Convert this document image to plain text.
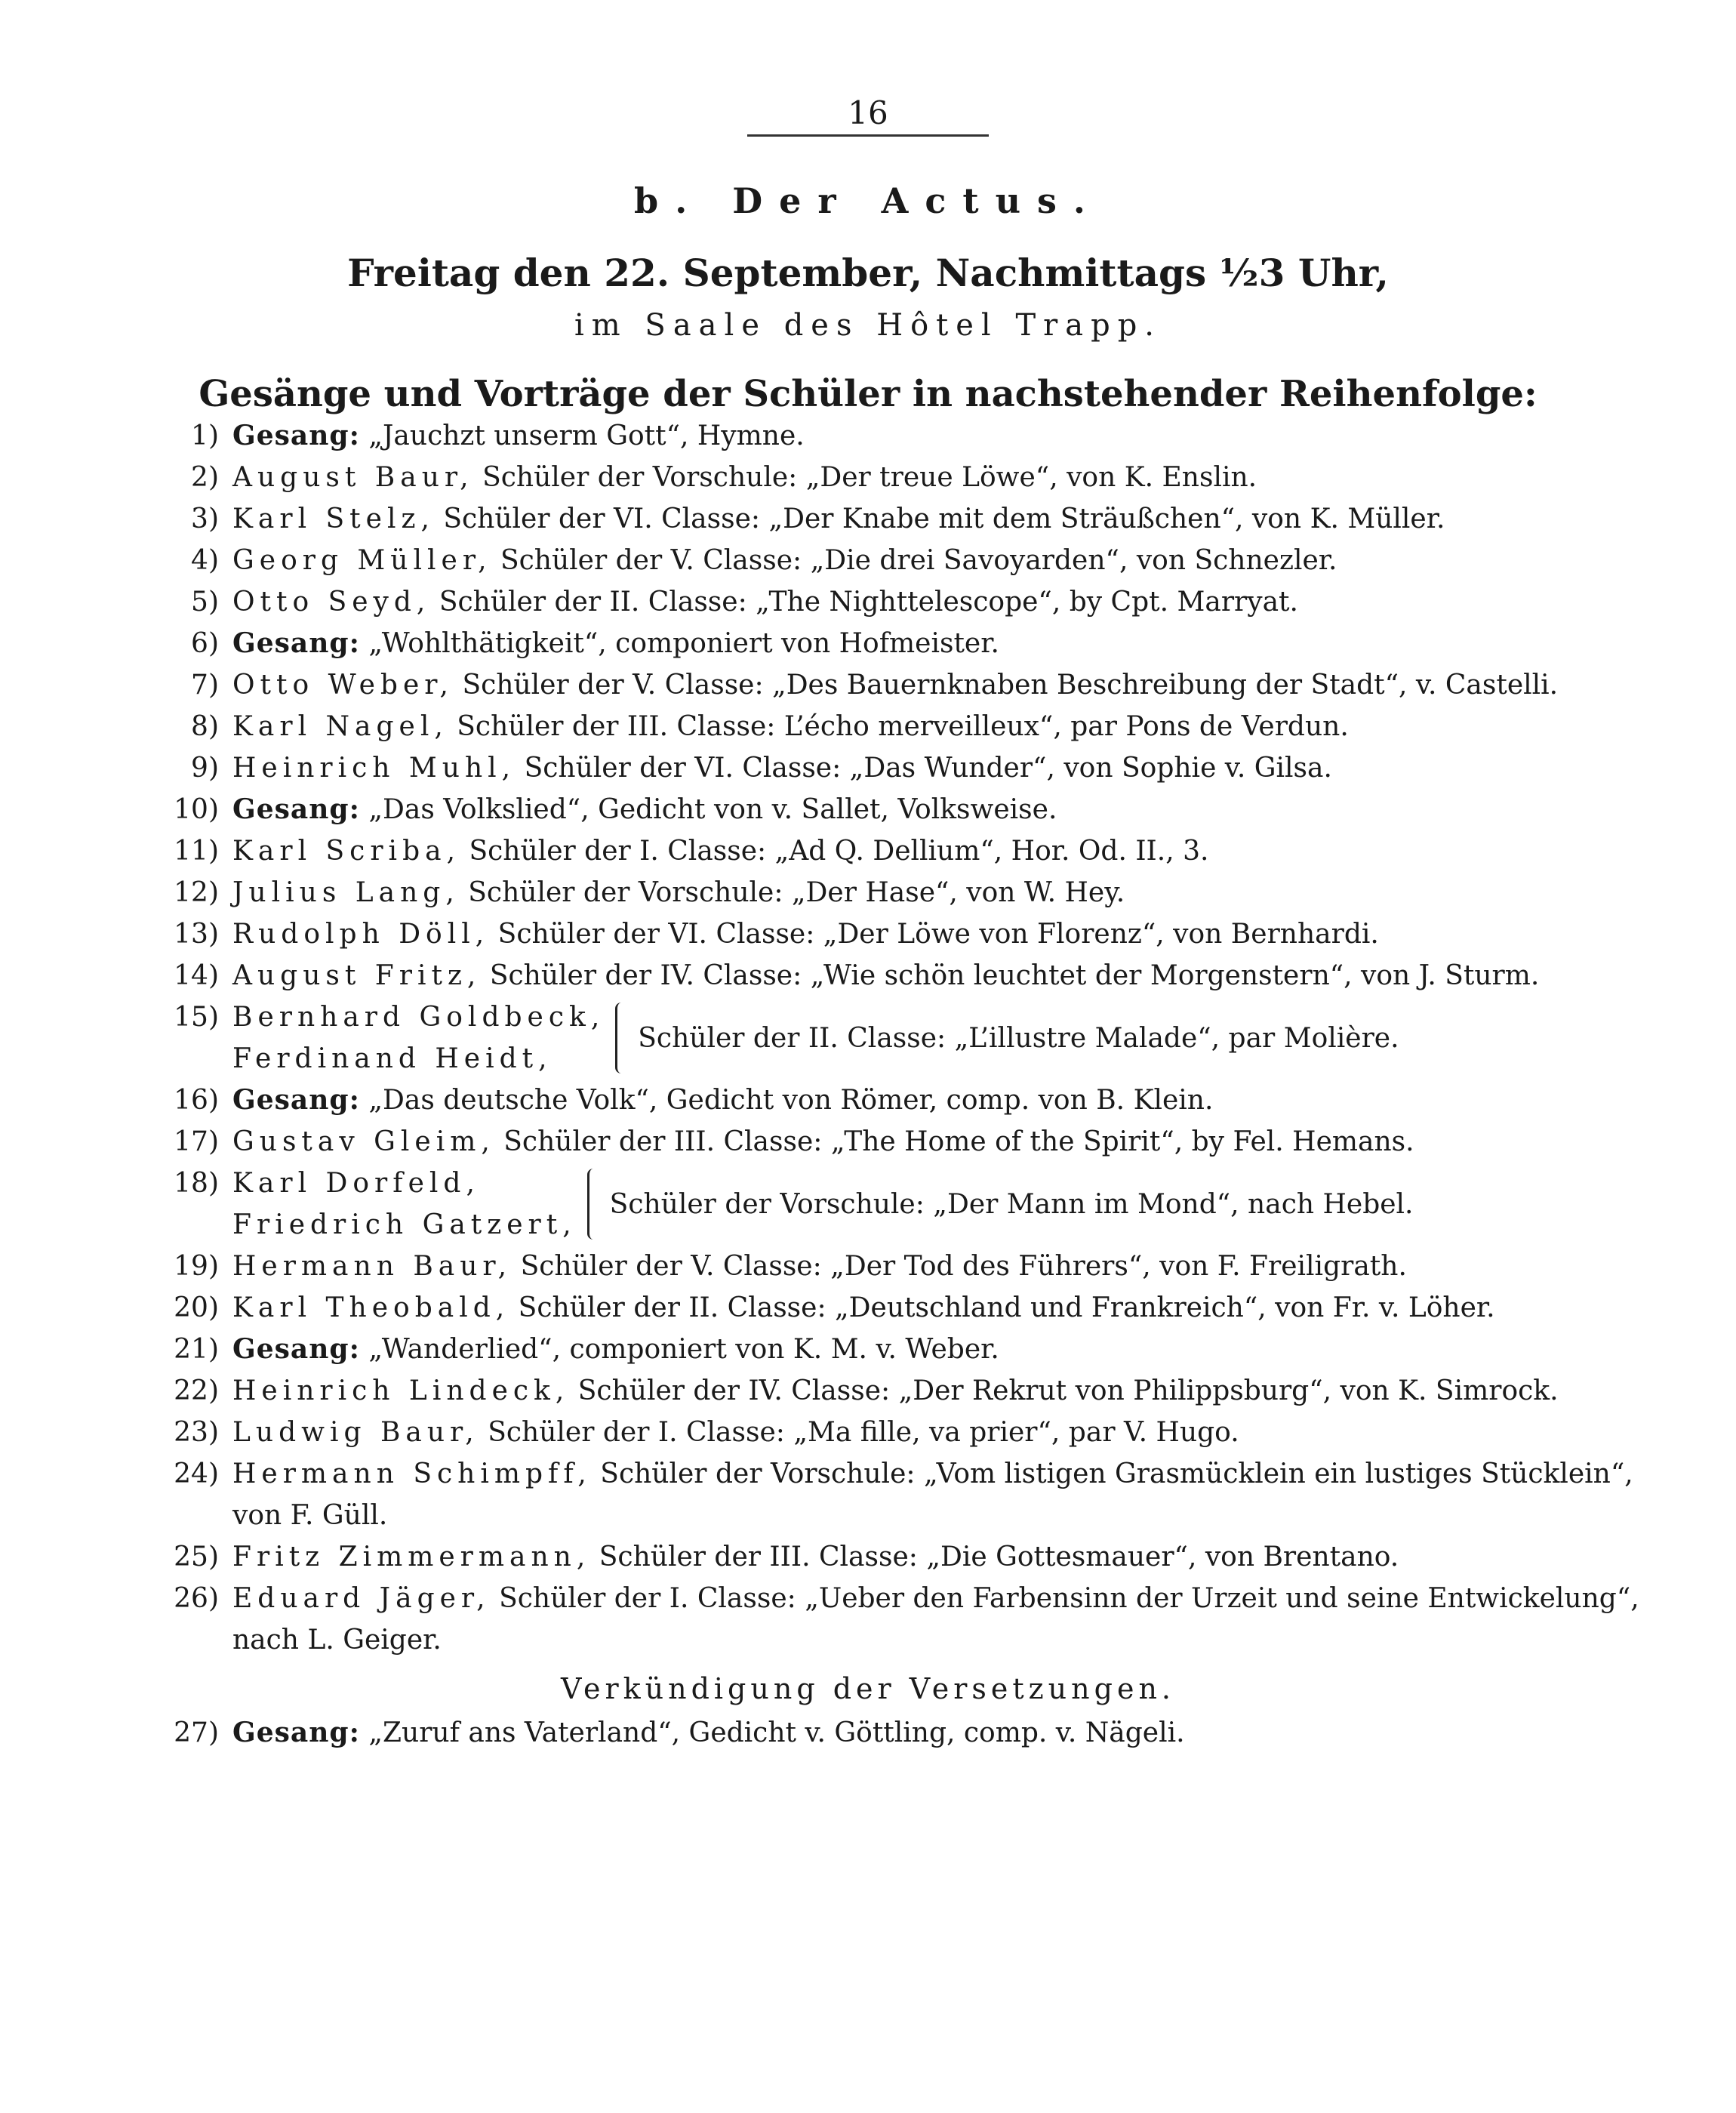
16
b. Der Actus.
Freitag den 22. September, Nachmittags ½3 Uhr,
im Saale des Hôtel Trapp.
Gesänge und Vorträge der Schüler in nachstehender Reihenfolge:
1) Gesang: „Jauchzt unserm Gott“, Hymne.
2) August Baur, Schüler der Vorschule: „Der treue Löwe“, von K. Enslin.
3) Karl Stelz, Schüler der VI. Classe: „Der Knabe mit dem Sträußchen“, von K. Müller.
4) Georg Müller, Schüler der V. Classe: „Die drei Savoyarden“, von Schnezler.
5) Otto Seyd, Schüler der II. Classe: „The Nighttelescope“, by Cpt. Marryat.
6) Gesang: „Wohlthätigkeit“, componiert von Hofmeister.
7) Otto Weber, Schüler der V. Classe: „Des Bauernknaben Beschreibung der Stadt“, v. Castelli.
8) Karl Nagel, Schüler der III. Classe: L’écho merveilleux“, par Pons de Verdun.
9) Heinrich Muhl, Schüler der VI. Classe: „Das Wunder“, von Sophie v. Gilsa.
10) Gesang: „Das Volkslied“, Gedicht von v. Sallet, Volksweise.
11) Karl Scriba, Schüler der I. Classe: „Ad Q. Dellium“, Hor. Od. II., 3.
12) Julius Lang, Schüler der Vorschule: „Der Hase“, von W. Hey.
13) Rudolph Döll, Schüler der VI. Classe: „Der Löwe von Florenz“, von Bernhardi.
14) August Fritz, Schüler der IV. Classe: „Wie schön leuchtet der Morgenstern“, von J. Sturm.
15) Bernhard Goldbeck,
Ferdinand Heidt,
Schüler der II. Classe: „L’illustre Malade“, par Molière.
16) Gesang: „Das deutsche Volk“, Gedicht von Römer, comp. von B. Klein.
17) Gustav Gleim, Schüler der III. Classe: „The Home of the Spirit“, by Fel. Hemans.
18) Karl Dorfeld,
Friedrich Gatzert,
Schüler der Vorschule: „Der Mann im Mond“, nach Hebel.
19) Hermann Baur, Schüler der V. Classe: „Der Tod des Führers“, von F. Freiligrath.
20) Karl Theobald, Schüler der II. Classe: „Deutschland und Frankreich“, von Fr. v. Löher.
21) Gesang: „Wanderlied“, componiert von K. M. v. Weber.
22) Heinrich Lindeck, Schüler der IV. Classe: „Der Rekrut von Philippsburg“, von K. Simrock.
23) Ludwig Baur, Schüler der I. Classe: „Ma fille, va prier“, par V. Hugo.
24) Hermann Schimpff, Schüler der Vorschule: „Vom listigen Grasmücklein ein lustiges Stücklein“,
von F. Güll.
25) Fritz Zimmermann, Schüler der III. Classe: „Die Gottesmauer“, von Brentano.
26) Eduard Jäger, Schüler der I. Classe: „Ueber den Farbensinn der Urzeit und seine Entwickelung“,
nach L. Geiger.
Verkündigung der Versetzungen.
27) Gesang: „Zuruf ans Vaterland“, Gedicht v. Göttling, comp. v. Nägeli.
